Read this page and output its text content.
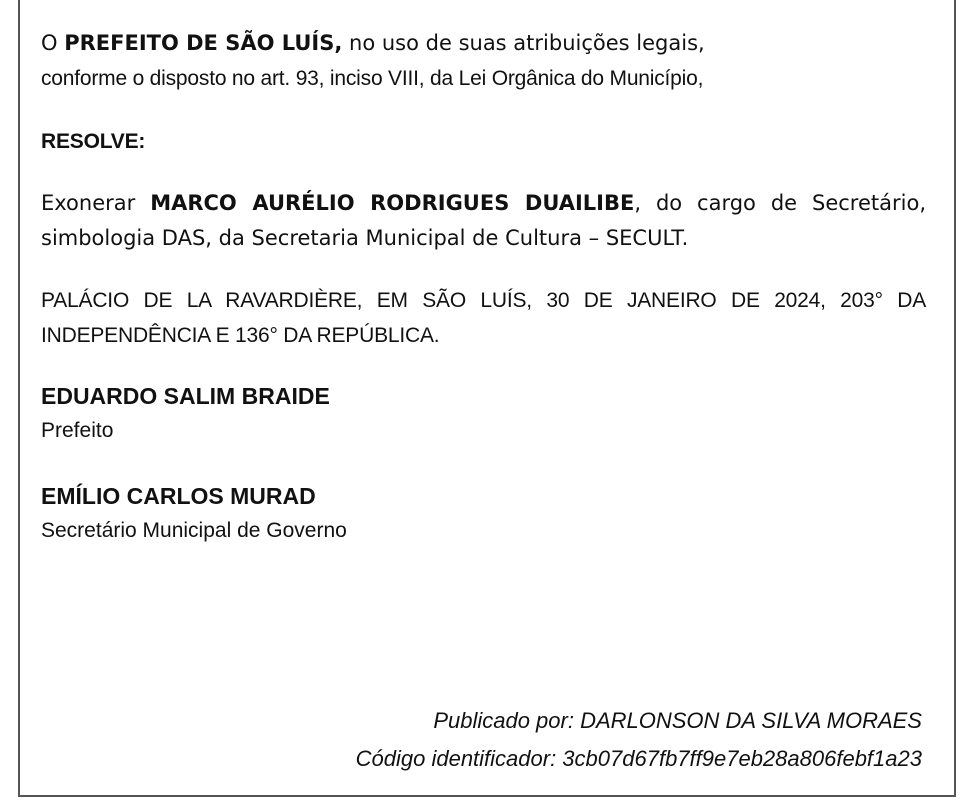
O PREFEITO DE SÃO LUÍS, no uso de suas atribuições legais,
conforme o disposto no art. 93, inciso VIII, da Lei Orgânica do Município,

RESOLVE:

Exonerar MARCO AURÉLIO RODRIGUES DUAILIBE, do cargo de Secretário, simbologia DAS, da Secretaria Municipal de Cultura – SECULT.

PALÁCIO DE LA RAVARDIÈRE, EM SÃO LUÍS, 30 DE JANEIRO DE 2024, 203° DA INDEPENDÊNCIA E 136° DA REPÚBLICA.

EDUARDO SALIM BRAIDE
Prefeito
EMÍLIO CARLOS MURAD
Secretário Municipal de Governo
Publicado por: DARLONSON DA SILVA MORAES
Código identificador: 3cb07d67fb7ff9e7eb28a806febf1a23
